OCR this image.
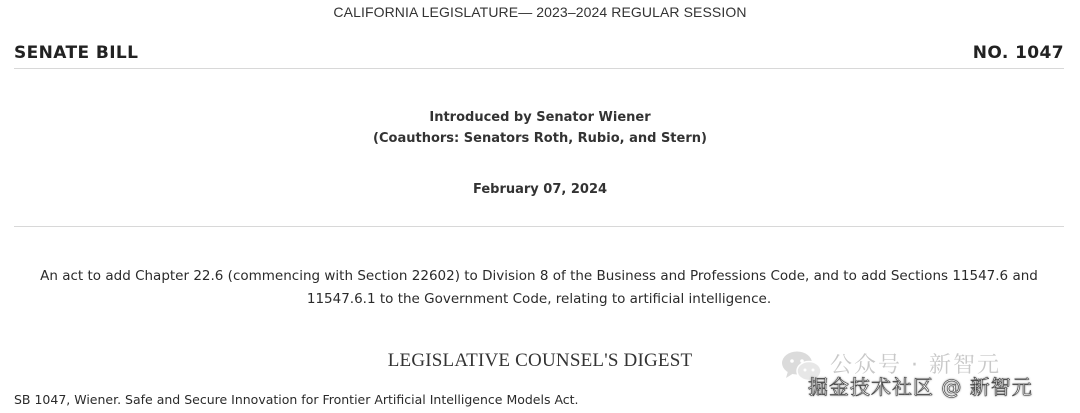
CALIFORNIA LEGISLATURE— 2023–2024 REGULAR SESSION
SENATE BILL	NO. 1047
Introduced by Senator Wiener
(Coauthors: Senators Roth, Rubio, and Stern)
February 07, 2024
An act to add Chapter 22.6 (commencing with Section 22602) to Division 8 of the Business and Professions Code, and to add Sections 11547.6 and 11547.6.1 to the Government Code, relating to artificial intelligence.
LEGISLATIVE COUNSEL'S DIGEST
SB 1047, Wiener. Safe and Secure Innovation for Frontier Artificial Intelligence Models Act.
公众号 · 新智元
掘金技术社区 @ 新智元
